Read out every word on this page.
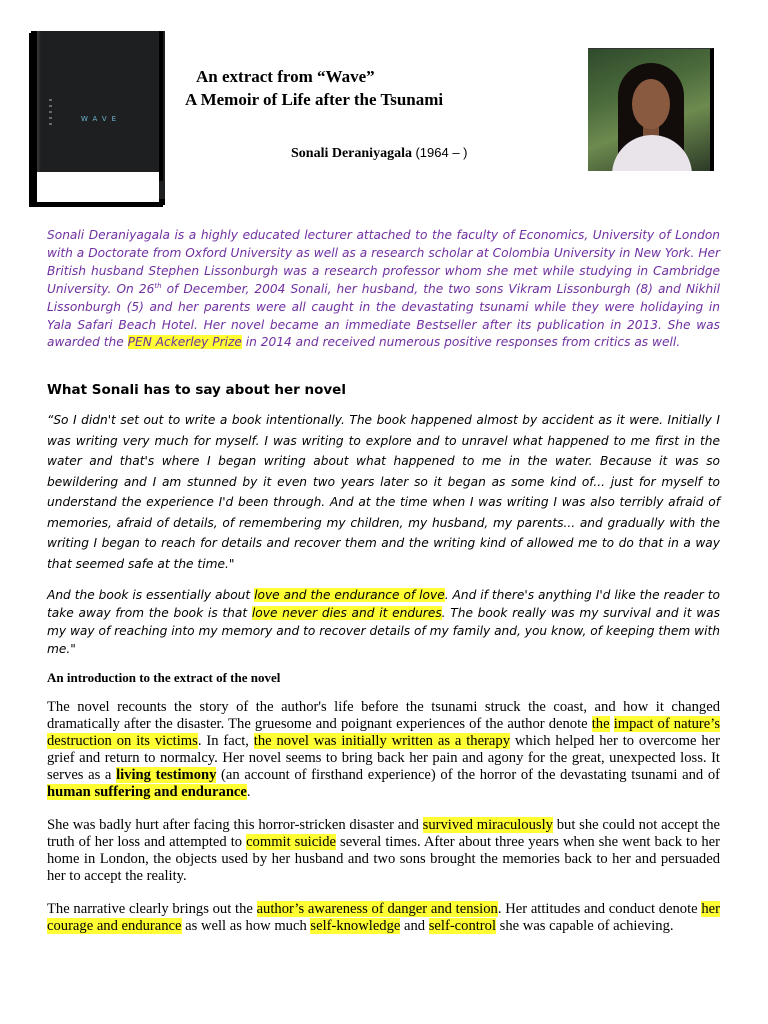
WAVE
An extract from “Wave”
A Memoir of Life after the Tsunami
Sonali Deraniyagala (1964 – )

Sonali Deraniyagala is a highly educated lecturer attached to the faculty of Economics, University of London with a Doctorate from Oxford University as well as a research scholar at Colombia University in New York. Her British husband Stephen Lissonburgh was a research professor whom she met while studying in Cambridge University. On 26th of December, 2004 Sonali, her husband, the two sons Vikram Lissonburgh (8) and Nikhil Lissonburgh (5) and her parents were all caught in the devastating tsunami while they were holidaying in Yala Safari Beach Hotel. Her novel became an immediate Bestseller after its publication in 2013. She was awarded the PEN Ackerley Prize in 2014 and received numerous positive responses from critics as well.

What Sonali has to say about her novel

“So I didn't set out to write a book intentionally. The book happened almost by accident as it were. Initially I was writing very much for myself. I was writing to explore and to unravel what happened to me first in the water and that's where I began writing about what happened to me in the water. Because it was so bewildering and I am stunned by it even two years later so it began as some kind of... just for myself to understand the experience I'd been through. And at the time when I was writing I was also terribly afraid of memories, afraid of details, of remembering my children, my husband, my parents... and gradually with the writing I began to reach for details and recover them and the writing kind of allowed me to do that in a way that seemed safe at the time."

And the book is essentially about love and the endurance of love. And if there's anything I'd like the reader to take away from the book is that love never dies and it endures. The book really was my survival and it was my way of reaching into my memory and to recover details of my family and, you know, of keeping them with me."

An introduction to the extract of the novel

The novel recounts the story of the author's life before the tsunami struck the coast, and how it changed dramatically after the disaster. The gruesome and poignant experiences of the author denote the impact of nature’s destruction on its victims. In fact, the novel was initially written as a therapy which helped her to overcome her grief and return to normalcy. Her novel seems to bring back her pain and agony for the great, unexpected loss. It serves as a living testimony (an account of firsthand experience) of the horror of the devastating tsunami and of human suffering and endurance.

She was badly hurt after facing this horror-stricken disaster and survived miraculously but she could not accept the truth of her loss and attempted to commit suicide several times. After about three years when she went back to her home in London, the objects used by her husband and two sons brought the memories back to her and persuaded her to accept the reality.

The narrative clearly brings out the author’s awareness of danger and tension. Her attitudes and conduct denote her courage and endurance as well as how much self-knowledge and self-control she was capable of achieving.
